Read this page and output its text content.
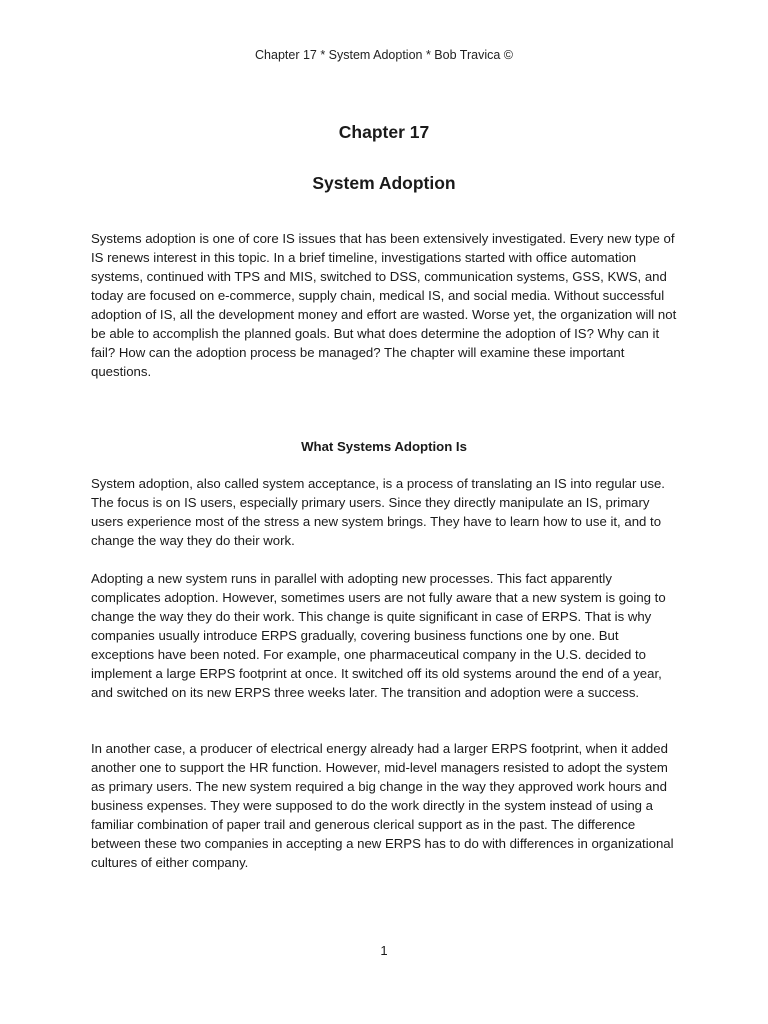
Chapter 17 * System Adoption * Bob Travica ©
Chapter 17
System Adoption

Systems adoption is one of core IS issues that has been extensively investigated. Every new type of IS renews interest in this topic. In a brief timeline, investigations started with office automation systems, continued with TPS and MIS, switched to DSS, communication systems, GSS, KWS, and today are focused on e-commerce, supply chain, medical IS, and social media. Without successful adoption of IS, all the development money and effort are wasted. Worse yet, the organization will not be able to accomplish the planned goals. But what does determine the adoption of IS? Why can it fail? How can the adoption process be managed? The chapter will examine these important questions.

What Systems Adoption Is

System adoption, also called system acceptance, is a process of translating an IS into regular use. The focus is on IS users, especially primary users. Since they directly manipulate an IS, primary users experience most of the stress a new system brings. They have to learn how to use it, and to change the way they do their work.

Adopting a new system runs in parallel with adopting new processes. This fact apparently complicates adoption. However, sometimes users are not fully aware that a new system is going to change the way they do their work. This change is quite significant in case of ERPS. That is why companies usually introduce ERPS gradually, covering business functions one by one. But exceptions have been noted. For example, one pharmaceutical company in the U.S. decided to implement a large ERPS footprint at once. It switched off its old systems around the end of a year, and switched on its new ERPS three weeks later. The transition and adoption were a success.

In another case, a producer of electrical energy already had a larger ERPS footprint, when it added another one to support the HR function. However, mid-level managers resisted to adopt the system as primary users. The new system required a big change in the way they approved work hours and business expenses. They were supposed to do the work directly in the system instead of using a familiar combination of paper trail and generous clerical support as in the past. The difference between these two companies in accepting a new ERPS has to do with differences in organizational cultures of either company.

1
